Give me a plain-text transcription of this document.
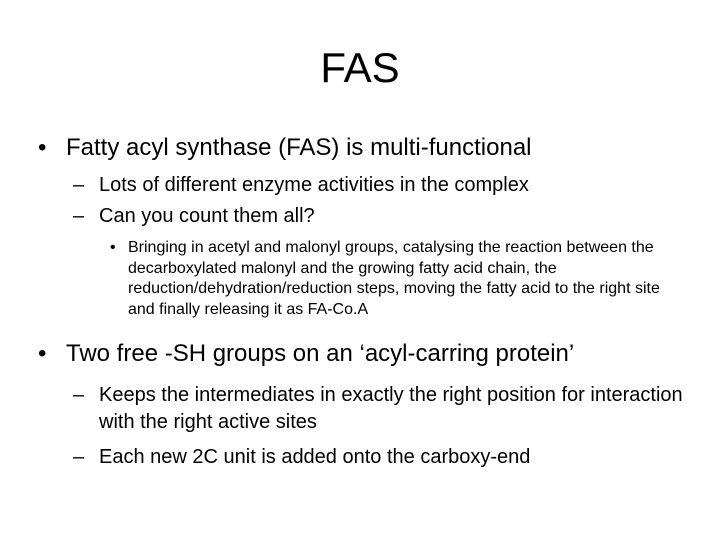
FAS
• Fatty acyl synthase (FAS) is multi-functional
– Lots of different enzyme activities in the complex
– Can you count them all?
• Bringing in acetyl and malonyl groups, catalysing the reaction between the decarboxylated malonyl and the growing fatty acid chain, the reduction/dehydration/reduction steps, moving the fatty acid to the right site and finally releasing it as FA-Co.A
• Two free -SH groups on an ‘acyl-carring protein’
– Keeps the intermediates in exactly the right position for interaction with the right active sites
– Each new 2C unit is added onto the carboxy-end
